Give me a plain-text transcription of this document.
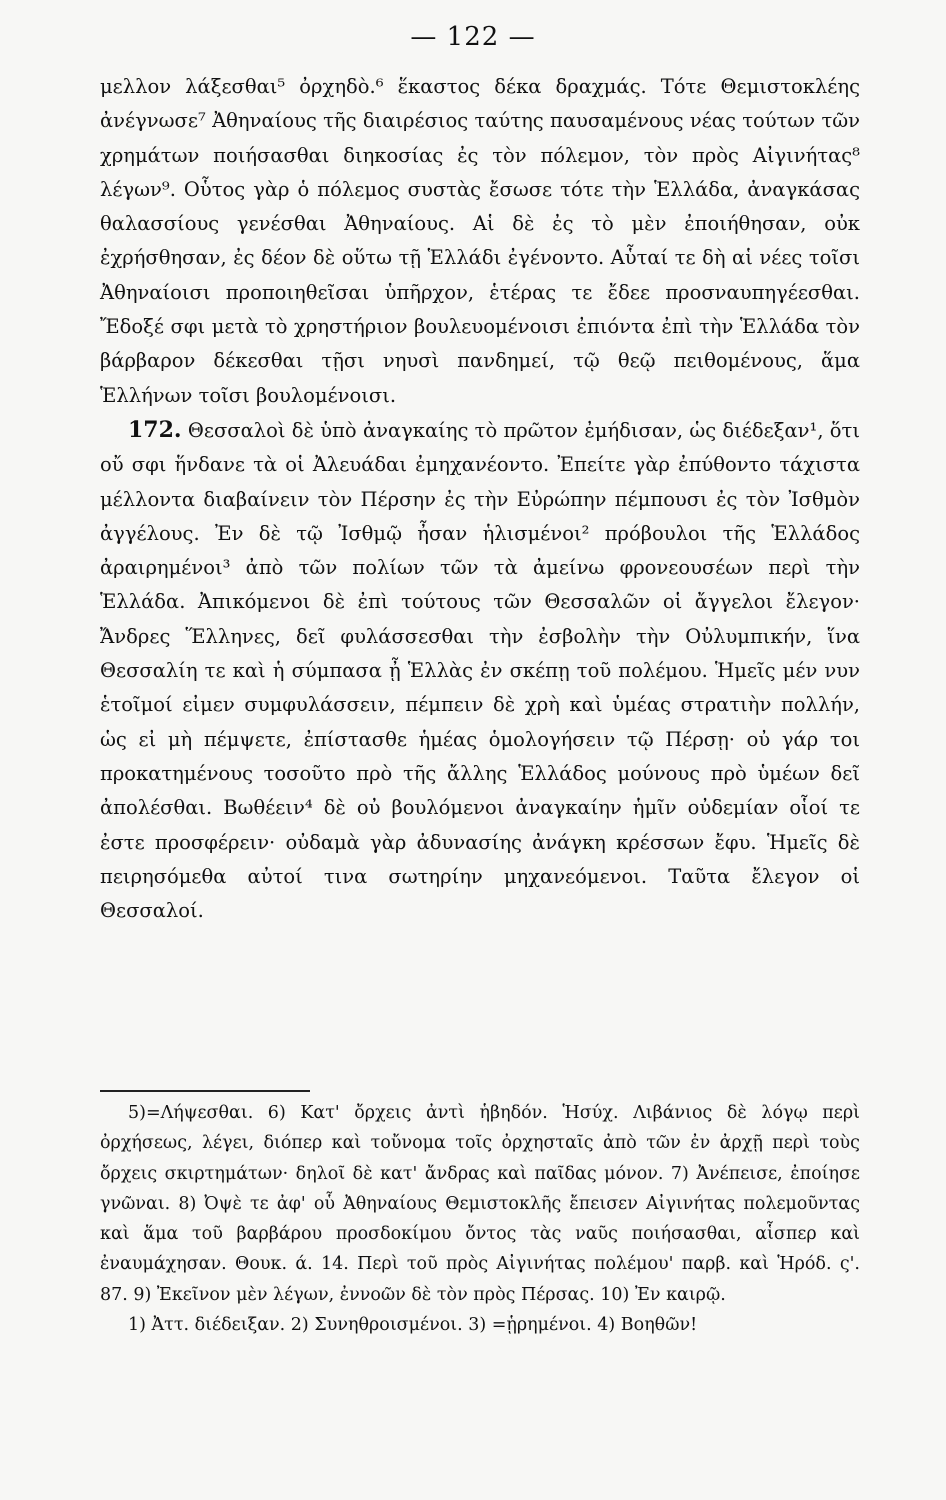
— 122 —

μελλον λάξεσθαι⁵ ὀρχηδὸ.⁶ ἕκαστος δέκα δραχμάς. Τότε Θεμιστοκλέης ἀνέγνωσε⁷ Ἀθηναίους τῆς διαιρέσιος ταύτης παυσαμένους νέας τούτων τῶν χρημάτων ποιήσασθαι διηκοσίας ἐς τὸν πόλεμον, τὸν πρὸς Αἰγινήτας⁸ λέγων⁹. Οὗτος γὰρ ὁ πόλεμος συστὰς ἔσωσε τότε τὴν Ἑλλάδα, ἀναγκάσας θαλασσίους γενέσθαι Ἀθηναίους. Αἱ δὲ ἐς τὸ μὲν ἐποιήθησαν, οὐκ ἐχρήσθησαν, ἐς δέον δὲ οὕτω τῇ Ἑλλάδι ἐγένοντο. Αὗταί τε δὴ αἱ νέες τοῖσι Ἀθηναίοισι προποιηθεῖσαι ὑπῆρχον, ἑτέρας τε ἔδεε προσναυπηγέεσθαι. Ἔδοξέ σφι μετὰ τὸ χρηστήριον βουλευομένοισι ἐπιόντα ἐπὶ τὴν Ἑλλάδα τὸν βάρβαρον δέκεσθαι τῇσι νηυσὶ πανδημεί, τῷ θεῷ πειθομένους, ἅμα Ἑλλήνων τοῖσι βουλομένοισι.

172. Θεσσαλοὶ δὲ ὑπὸ ἀναγκαίης τὸ πρῶτον ἐμήδισαν, ὡς διέδεξαν¹, ὅτι οὔ σφι ἥνδανε τὰ οἱ Ἀλευάδαι ἐμηχανέοντο. Ἐπείτε γὰρ ἐπύθοντο τάχιστα μέλλοντα διαβαίνειν τὸν Πέρσην ἐς τὴν Εὐρώπην πέμπουσι ἐς τὸν Ἰσθμὸν ἀγγέλους. Ἐν δὲ τῷ Ἰσθμῷ ἦσαν ἡλισμένοι² πρόβουλοι τῆς Ἑλλάδος ἀραιρημένοι³ ἀπὸ τῶν πολίων τῶν τὰ ἀμείνω φρονεουσέων περὶ τὴν Ἑλλάδα. Ἀπικόμενοι δὲ ἐπὶ τούτους τῶν Θεσσαλῶν οἱ ἄγγελοι ἔλεγον· Ἄνδρες Ἕλληνες, δεῖ φυλάσσεσθαι τὴν ἐσβολὴν τὴν Οὐλυμπικήν, ἵνα Θεσσαλίη τε καὶ ἡ σύμπασα ᾖ Ἑλλὰς ἐν σκέπῃ τοῦ πολέμου. Ἡμεῖς μέν νυν ἑτοῖμοί εἰμεν συμφυλάσσειν, πέμπειν δὲ χρὴ καὶ ὑμέας στρατιὴν πολλήν, ὡς εἰ μὴ πέμψετε, ἐπίστασθε ἡμέας ὁμολογήσειν τῷ Πέρσῃ· οὐ γάρ τοι προκατημένους τοσοῦτο πρὸ τῆς ἄλλης Ἑλλάδος μούνους πρὸ ὑμέων δεῖ ἀπολέσθαι. Βωθέειν⁴ δὲ οὐ βουλόμενοι ἀναγκαίην ἡμῖν οὐδεμίαν οἷοί τε ἐστε προσφέρειν· οὐδαμὰ γὰρ ἀδυνασίης ἀνάγκη κρέσσων ἔφυ. Ἡμεῖς δὲ πειρησόμεθα αὐτοί τινα σωτηρίην μηχανεόμενοι. Ταῦτα ἔλεγον οἱ Θεσσαλοί.

5)=Λήψεσθαι. 6) Κατ' ὄρχεις ἀντὶ ἡβηδόν. Ἡσύχ. Λιβάνιος δὲ λόγῳ περὶ ὀρχήσεως, λέγει, διόπερ καὶ τοὔνομα τοῖς ὀρχησταῖς ἀπὸ τῶν ἐν ἀρχῇ περὶ τοὺς ὄρχεις σκιρτημάτων· δηλοῖ δὲ κατ' ἄνδρας καὶ παῖδας μόνον. 7) Ἀνέπεισε, ἐποίησε γνῶναι. 8) Ὀψὲ τε ἀφ' οὗ Ἀθηναίους Θεμιστοκλῆς ἔπεισεν Αἰγινήτας πολεμοῦντας καὶ ἅμα τοῦ βαρβάρου προσδοκίμου ὄντος τὰς ναῦς ποιήσασθαι, αἷσπερ καὶ ἐναυμάχησαν. Θουκ. ά. 14. Περὶ τοῦ πρὸς Αἰγινήτας πολέμου' παρβ. καὶ Ἡρόδ. ς'. 87. 9) Ἐκεῖνον μὲν λέγων, ἐννοῶν δὲ τὸν πρὸς Πέρσας. 10) Ἐν καιρῷ.

1) Ἀττ. διέδειξαν. 2) Συνηθροισμένοι. 3) =ᾑρημένοι. 4) Βοηθῶν!
